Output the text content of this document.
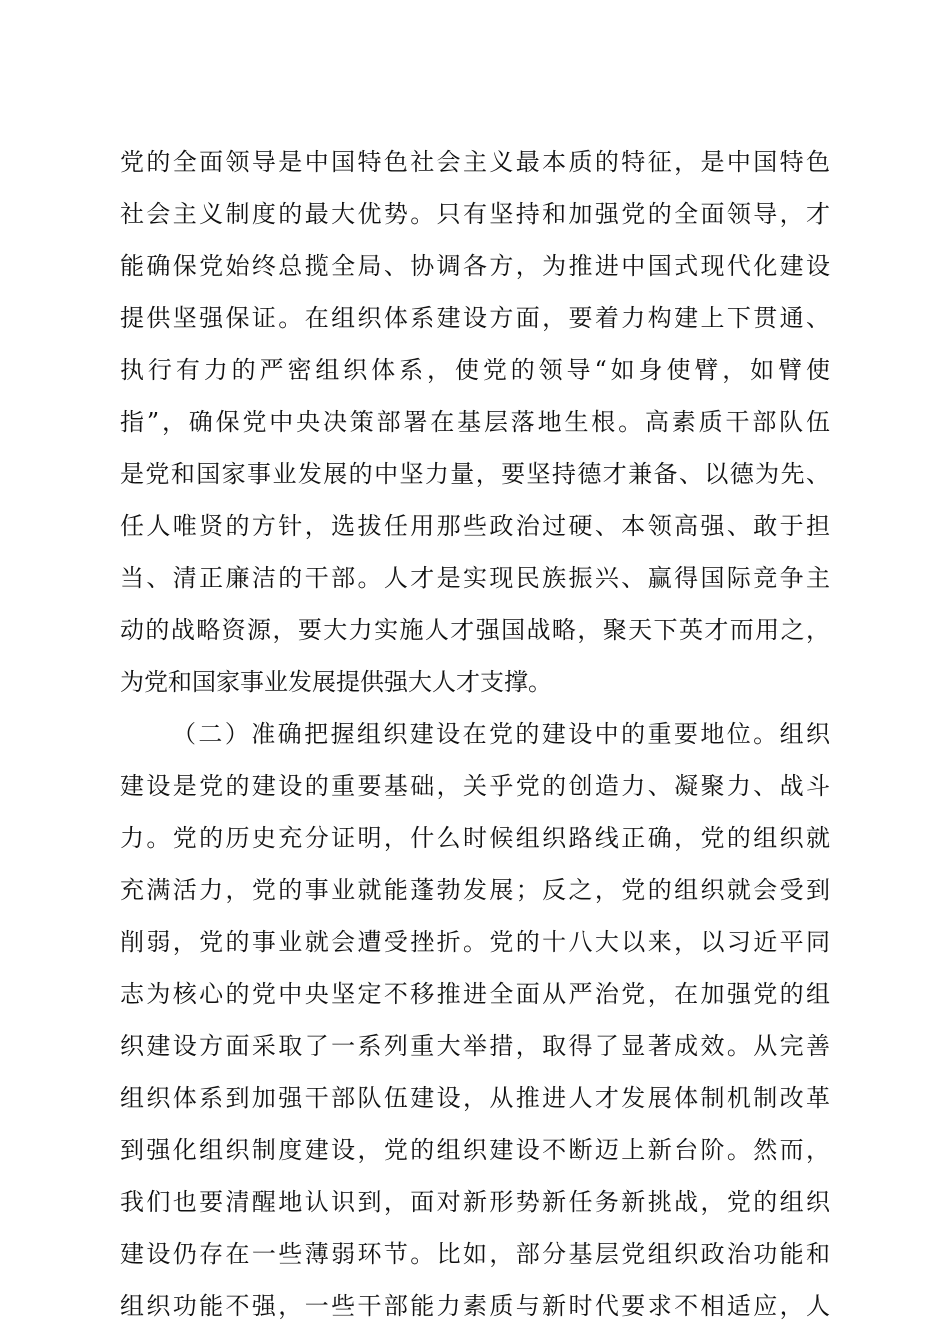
党的全面领导是中国特色社会主义最本质的特征，是中国特色
社会主义制度的最大优势。只有坚持和加强党的全面领导，才
能确保党始终总揽全局、协调各方，为推进中国式现代化建设
提供坚强保证。在组织体系建设方面，要着力构建上下贯通、
执行有力的严密组织体系，使党的领导“如身使臂，如臂使
指”，确保党中央决策部署在基层落地生根。高素质干部队伍
是党和国家事业发展的中坚力量，要坚持德才兼备、以德为先、
任人唯贤的方针，选拔任用那些政治过硬、本领高强、敢于担
当、清正廉洁的干部。人才是实现民族振兴、赢得国际竞争主
动的战略资源，要大力实施人才强国战略，聚天下英才而用之，
为党和国家事业发展提供强大人才支撑。
（二）准确把握组织建设在党的建设中的重要地位。组织
建设是党的建设的重要基础，关乎党的创造力、凝聚力、战斗
力。党的历史充分证明，什么时候组织路线正确，党的组织就
充满活力，党的事业就能蓬勃发展；反之，党的组织就会受到
削弱，党的事业就会遭受挫折。党的十八大以来，以习近平同
志为核心的党中央坚定不移推进全面从严治党，在加强党的组
织建设方面采取了一系列重大举措，取得了显著成效。从完善
组织体系到加强干部队伍建设，从推进人才发展体制机制改革
到强化组织制度建设，党的组织建设不断迈上新台阶。然而，
我们也要清醒地认识到，面对新形势新任务新挑战，党的组织
建设仍存在一些薄弱环节。比如，部分基层党组织政治功能和
组织功能不强，一些干部能力素质与新时代要求不相适应，人
